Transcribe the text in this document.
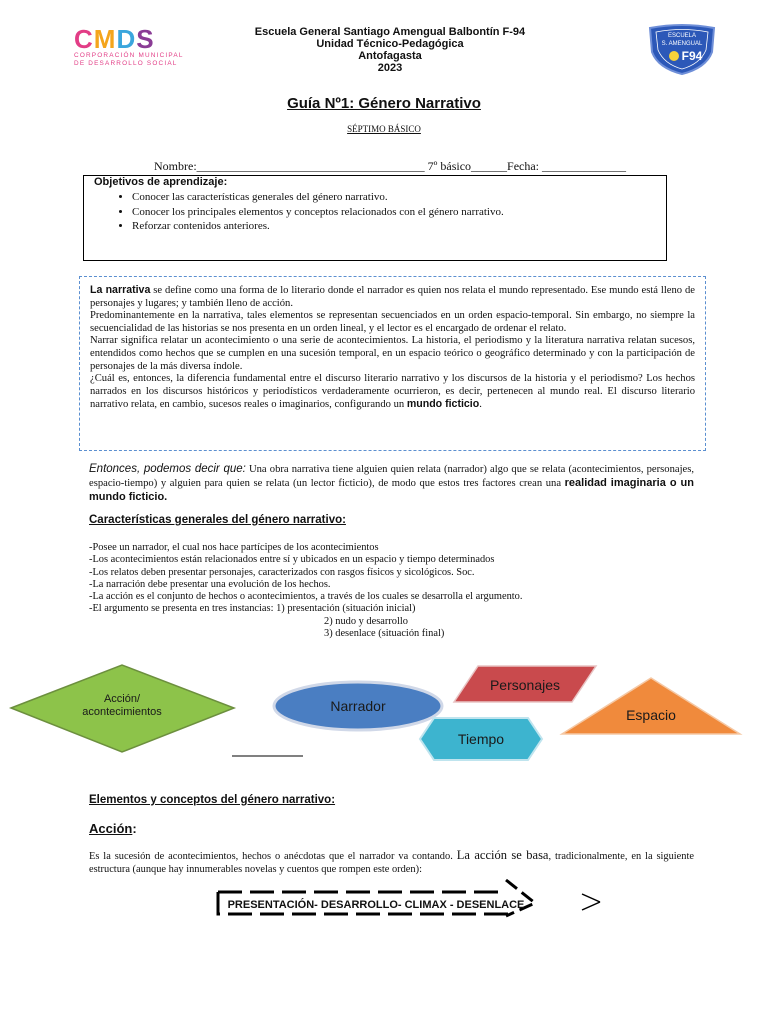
CMDS
CORPORACIÓN MUNICIPAL
DE DESARROLLO SOCIAL
Escuela General Santiago Amengual Balbontín F-94
Unidad Técnico-Pedagógica
Antofagasta
2023
ESCUELA
S. AMENGUAL
F94
Guía Nº1: Género Narrativo
SÉPTIMO BÁSICO
Nombre:______________________________________ 7º básico______Fecha: ______________
Objetivos de aprendizaje:
• Conocer las características generales del género narrativo.
• Conocer los principales elementos y conceptos relacionados con el género narrativo.
• Reforzar contenidos anteriores.
La narrativa se define como una forma de lo literario donde el narrador es quien nos relata el mundo representado. Ese mundo está lleno de personajes y lugares; y también lleno de acción.
Predominantemente en la narrativa, tales elementos se representan secuenciados en un orden espacio-temporal. Sin embargo, no siempre la secuencialidad de las historias se nos presenta en un orden lineal, y el lector es el encargado de ordenar el relato.
Narrar significa relatar un acontecimiento o una serie de acontecimientos. La historia, el periodismo y la literatura narrativa relatan sucesos, entendidos como hechos que se cumplen en una sucesión temporal, en un espacio teórico o geográfico determinado y con la participación de personajes de la más diversa índole.
¿Cuál es, entonces, la diferencia fundamental entre el discurso literario narrativo y los discursos de la historia y el periodismo? Los hechos narrados en los discursos históricos y periodísticos verdaderamente ocurrieron, es decir, pertenecen al mundo real. El discurso literario narrativo relata, en cambio, sucesos reales o imaginarios, configurando un mundo ficticio.
Entonces, podemos decir que: Una obra narrativa tiene alguien quien relata (narrador) algo que se relata (acontecimientos, personajes, espacio-tiempo) y alguien para quien se relata (un lector ficticio), de modo que estos tres factores crean una realidad imaginaria o un mundo ficticio.
Características generales del género narrativo:
-Posee un narrador, el cual nos hace partícipes de los acontecimientos
-Los acontecimientos están relacionados entre sí y ubicados en un espacio y tiempo determinados
-Los relatos deben presentar personajes, caracterizados con rasgos físicos y sicológicos. Soc.
-La narración debe presentar una evolución de los hechos.
-La acción es el conjunto de hechos o acontecimientos, a través de los cuales se desarrolla el argumento.
-El argumento se presenta en tres instancias: 1) presentación (situación inicial)
2) nudo y desarrollo
3) desenlace (situación final)
Acción/
acontecimientos	Narrador
Personajes
Espacio
Tiempo
Elementos y conceptos del género narrativo:
Acción:
Es la sucesión de acontecimientos, hechos o anécdotas que el narrador va contando. La acción se basa, tradicionalmente, en la siguiente estructura (aunque hay innumerables novelas y cuentos que rompen este orden):
PRESENTACIÓN- DESARROLLO- CLIMAX - DESENLACE
